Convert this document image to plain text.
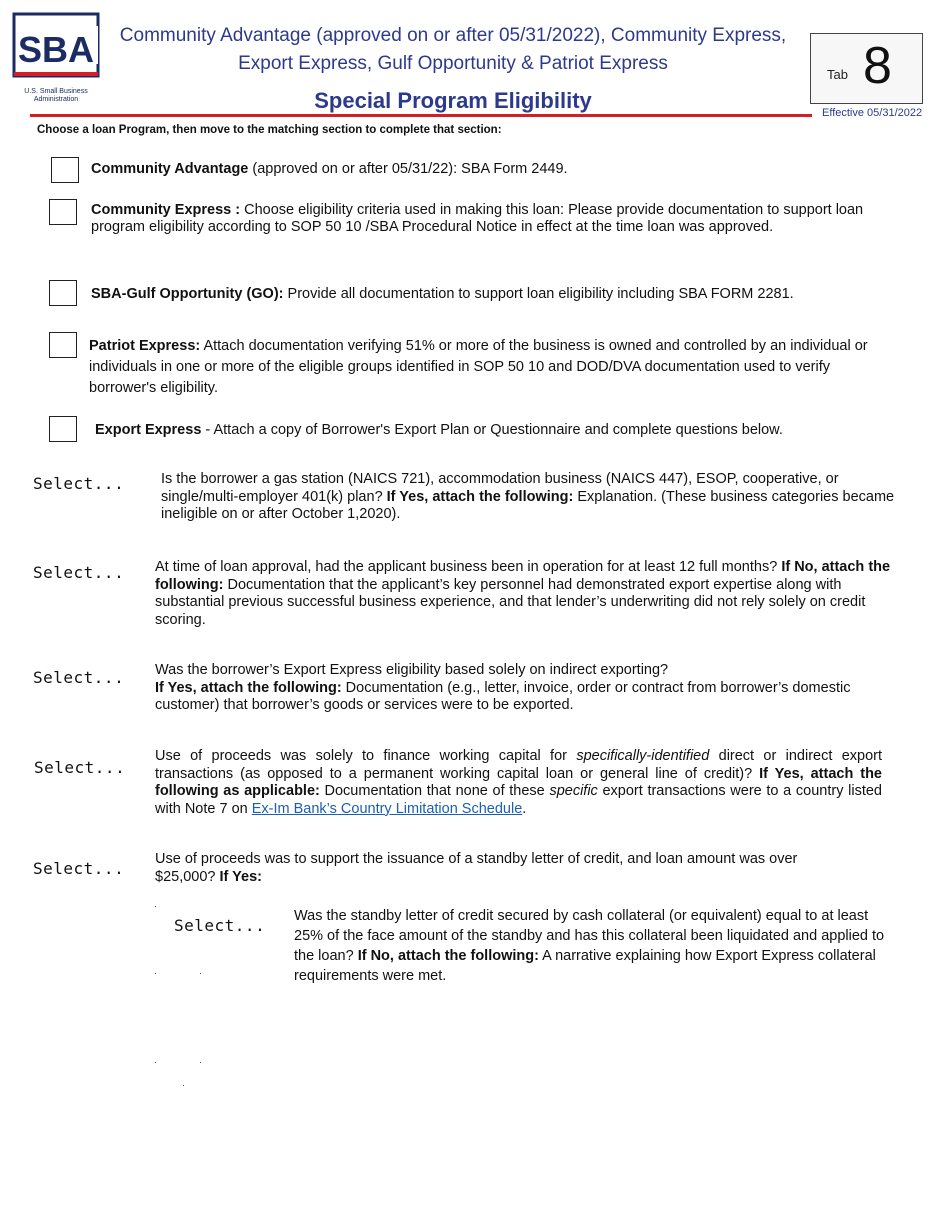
SBA
U.S. Small Business Administration
Community Advantage (approved on or after 05/31/2022), Community Express, Export Express, Gulf Opportunity & Patriot Express
Special Program Eligibility
Tab 8
Effective 05/31/2022
Choose a loan Program, then move to the matching section to complete that section:
Community Advantage (approved on or after 05/31/22): SBA Form 2449.
Community Express : Choose eligibility criteria used in making this loan: Please provide documentation to support loan program eligibility according to SOP 50 10 /SBA Procedural Notice in effect at the time loan was approved.
SBA-Gulf Opportunity (GO): Provide all documentation to support loan eligibility including SBA FORM 2281.
Patriot Express: Attach documentation verifying 51% or more of the business is owned and controlled by an individual or individuals in one or more of the eligible groups identified in SOP 50 10 and DOD/DVA documentation used to verify borrower's eligibility.
Export Express - Attach a copy of Borrower's Export Plan or Questionnaire and complete questions below.
Select...	Is the borrower a gas station (NAICS 721), accommodation business (NAICS 447), ESOP, cooperative, or single/multi-employer 401(k) plan? If Yes, attach the following: Explanation. (These business categories became ineligible on or after October 1,2020).
Select... At time of loan approval, had the applicant business been in operation for at least 12 full months? If No, attach the following: Documentation that the applicant’s key personnel had demonstrated export expertise along with substantial previous successful business experience, and that lender’s underwriting did not rely solely on credit scoring.
Select... Was the borrower’s Export Express eligibility based solely on indirect exporting?
If Yes, attach the following: Documentation (e.g., letter, invoice, order or contract from borrower’s domestic customer) that borrower’s goods or services were to be exported.
Select...
Use of proceeds was solely to finance working capital for specifically-identified direct or indirect export transactions (as opposed to a permanent working capital loan or general line of credit)? If Yes, attach the following as applicable: Documentation that none of these specific export transactions were to a country listed with Note 7 on Ex-Im Bank’s Country Limitation Schedule.
Select... Use of proceeds was to support the issuance of a standby letter of credit, and loan amount was over $25,000? If Yes:
Select... Was the standby letter of credit secured by cash collateral (or equivalent) equal to at least 25% of the face amount of the standby and has this collateral been liquidated and applied to the loan? If No, attach the following: A narrative explaining how Export Express collateral requirements were met.
